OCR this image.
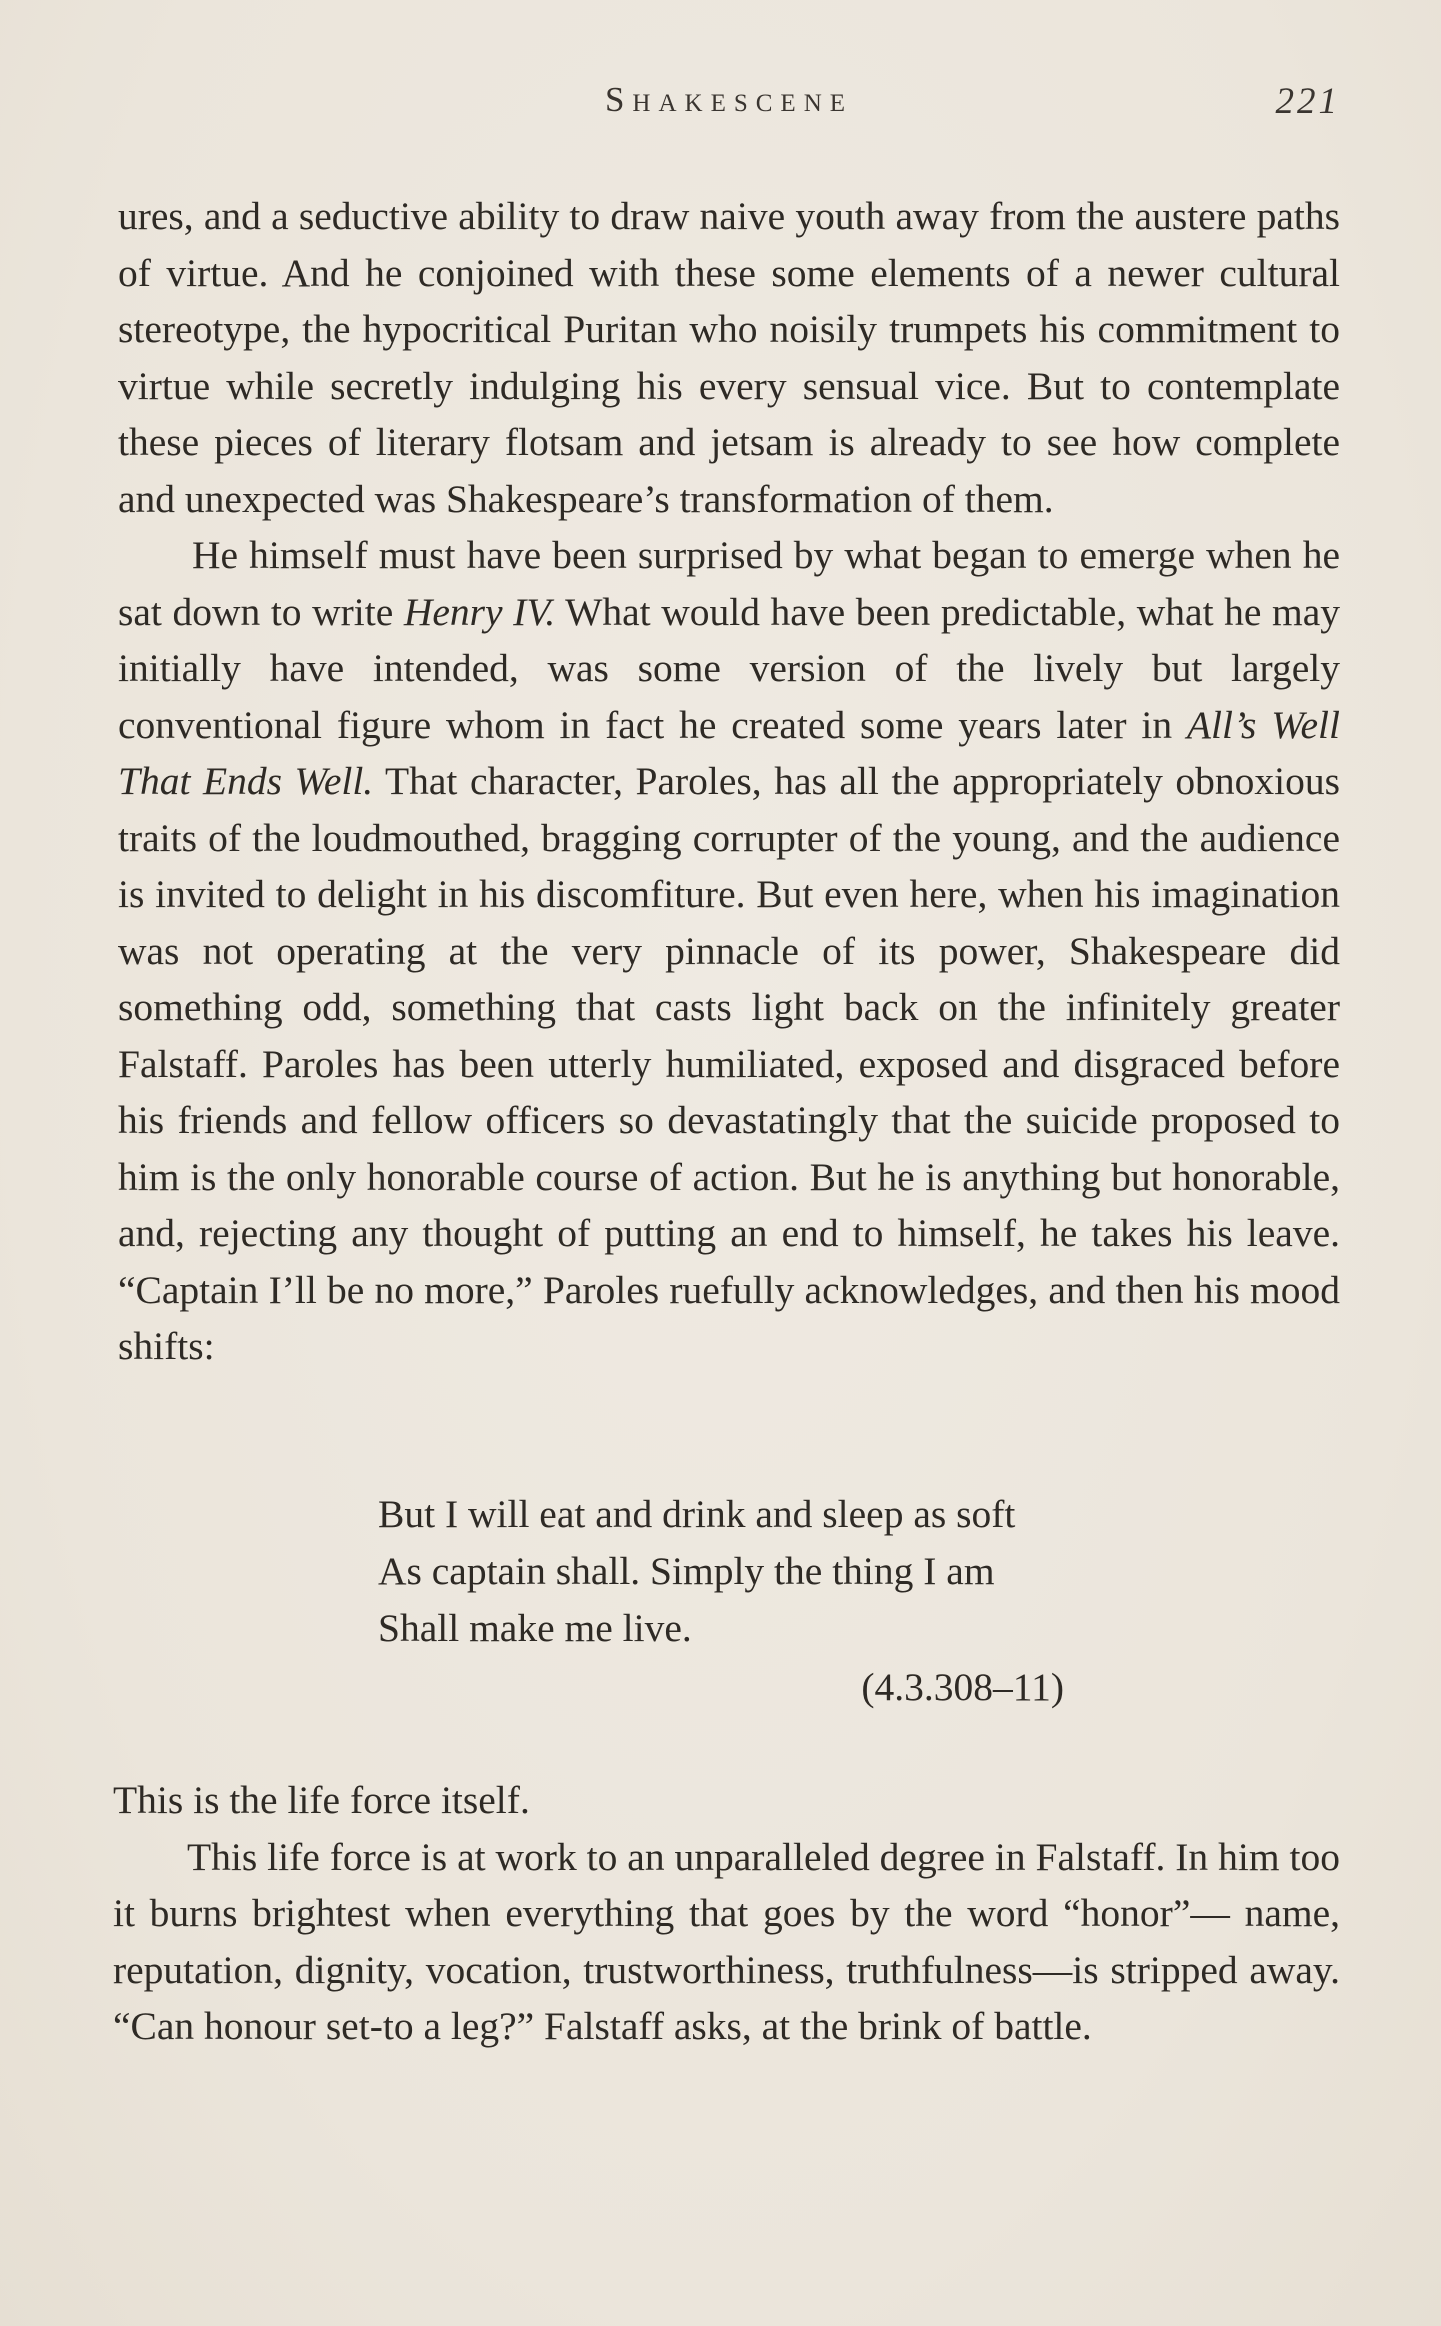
Shakescene	221

ures, and a seductive ability to draw naive youth away from the austere paths of virtue. And he conjoined with these some elements of a newer cultural stereotype, the hypocritical Puritan who noisily trumpets his commitment to virtue while secretly indulging his every sensual vice. But to contemplate these pieces of literary flotsam and jetsam is already to see how complete and unexpected was Shakespeare’s transformation of them.

He himself must have been surprised by what began to emerge when he sat down to write Henry IV. What would have been predictable, what he may initially have intended, was some version of the lively but largely conventional figure whom in fact he created some years later in All’s Well That Ends Well. That character, Paroles, has all the appropriately obnoxious traits of the loudmouthed, bragging corrupter of the young, and the audience is invited to delight in his discomfiture. But even here, when his imagination was not operating at the very pinnacle of its power, Shakespeare did something odd, something that casts light back on the infinitely greater Falstaff. Paroles has been utterly humiliated, exposed and disgraced before his friends and fellow officers so devastatingly that the suicide proposed to him is the only honorable course of action. But he is anything but honorable, and, rejecting any thought of putting an end to himself, he takes his leave. “Captain I’ll be no more,” Paroles ruefully acknowledges, and then his mood shifts:

But I will eat and drink and sleep as soft
As captain shall. Simply the thing I am
Shall make me live.
(4.3.308–11)

This is the life force itself.

This life force is at work to an unparalleled degree in Falstaff. In him too it burns brightest when everything that goes by the word “honor”— name, reputation, dignity, vocation, trustworthiness, truthfulness—is stripped away. “Can honour set-to a leg?” Falstaff asks, at the brink of battle.
